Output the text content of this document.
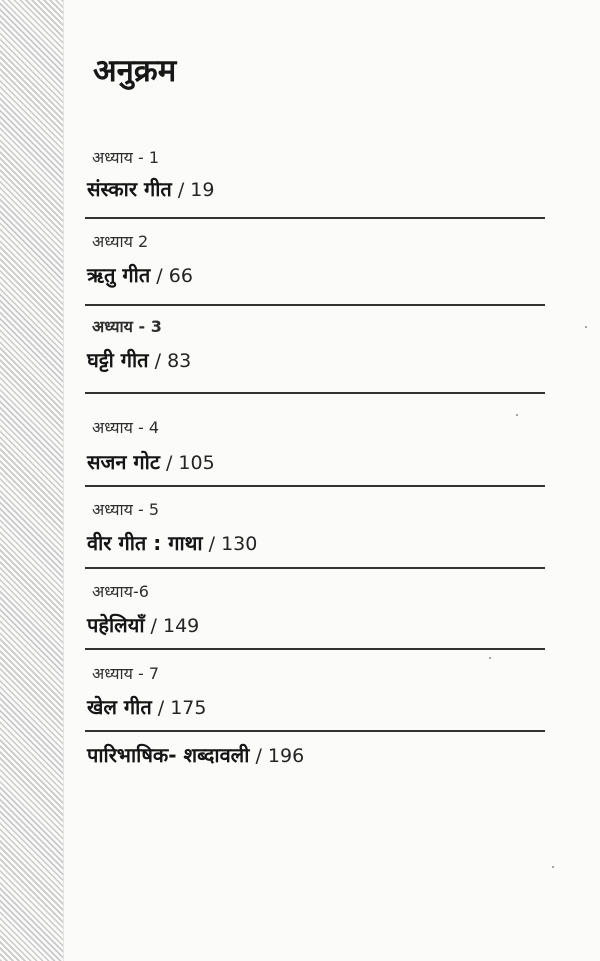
अनुक्रम
अध्याय - 1
संस्कार गीत / 19
अध्याय 2
ऋतु गीत / 66
अध्याय - 3
घट्टी गीत / 83
अध्याय - 4
सजन गोट / 105
अध्याय - 5
वीर गीत : गाथा / 130
अध्याय-6
पहेलियाँ / 149
अध्याय - 7
खेल गीत / 175
पारिभाषिक- शब्दावली / 196
